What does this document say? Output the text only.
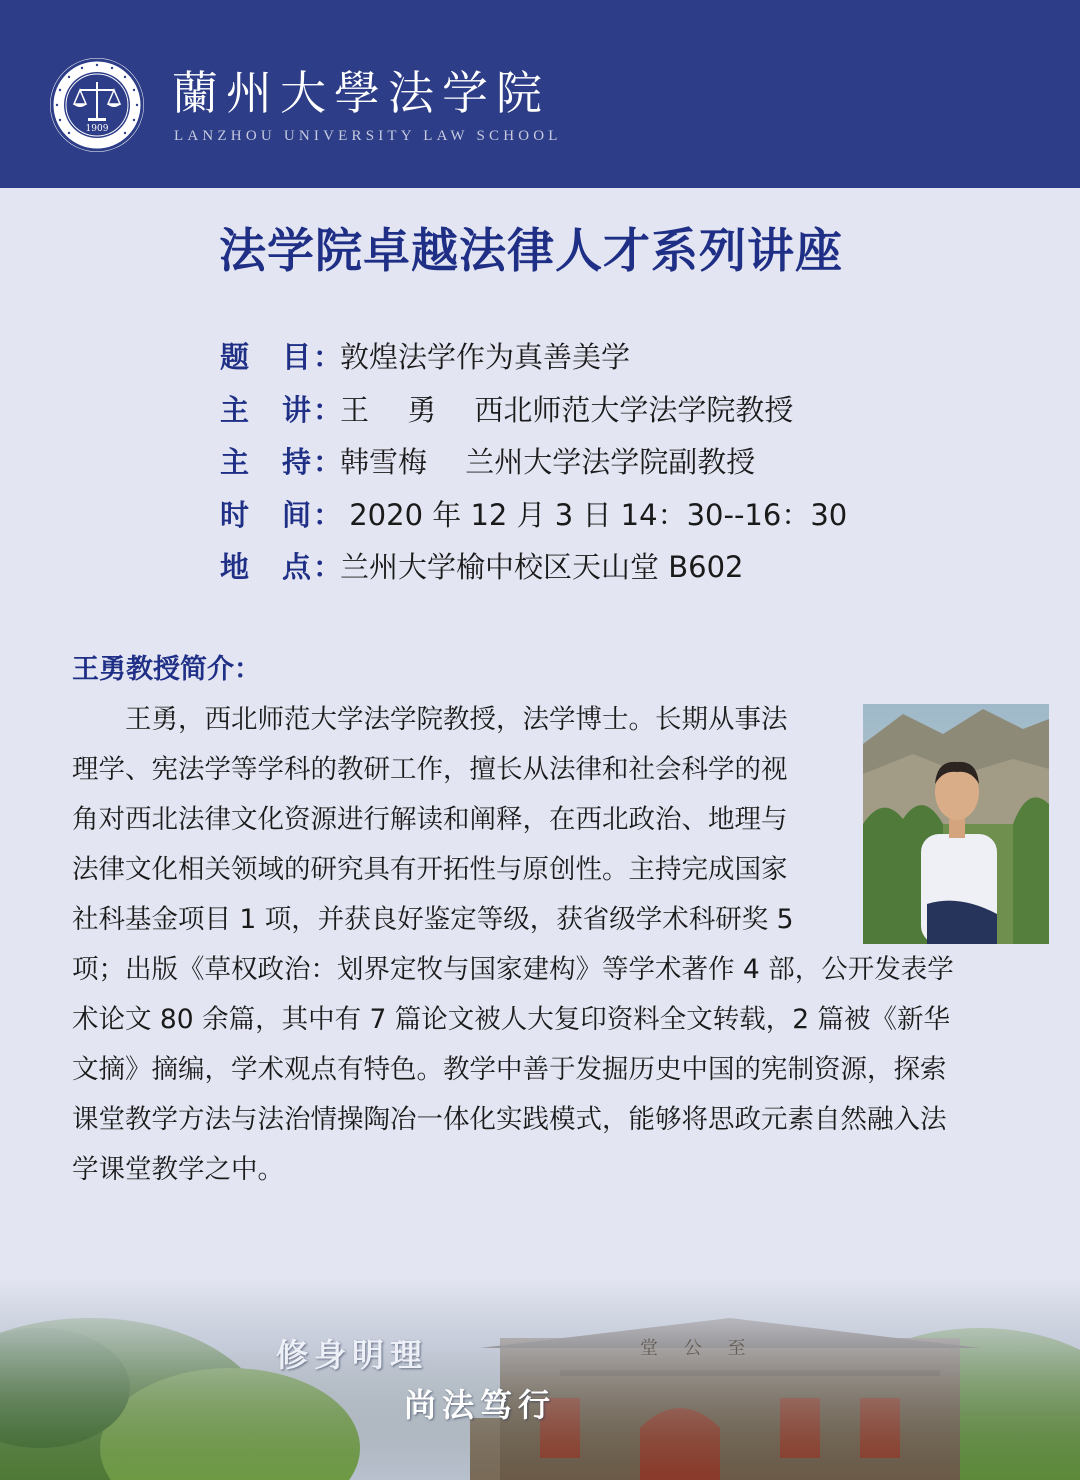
1909
蘭州大學法学院
LANZHOU UNIVERSITY LAW SCHOOL
法学院卓越法律人才系列讲座
题　目：敦煌法学作为真善美学
主　讲：王　 勇　 西北师范大学法学院教授
主　持：韩雪梅　 兰州大学法学院副教授
时　间： 2020 年 12 月 3 日 14：30--16：30
地　点：兰州大学榆中校区天山堂 B602
王勇教授简介：
　　王勇，西北师范大学法学院教授，法学博士。长期从事法
理学、宪法学等学科的教研工作，擅长从法律和社会科学的视
角对西北法律文化资源进行解读和阐释，在西北政治、地理与
法律文化相关领域的研究具有开拓性与原创性。主持完成国家
社科基金项目 1 项，并获良好鉴定等级，获省级学术科研奖 5
项；出版《草权政治：划界定牧与国家建构》等学术著作 4 部，公开发表学
术论文 80 余篇，其中有 7 篇论文被人大复印资料全文转载，2 篇被《新华
文摘》摘编，学术观点有特色。教学中善于发掘历史中国的宪制资源，探索
课堂教学方法与法治情操陶冶一体化实践模式，能够将思政元素自然融入法
学课堂教学之中。
堂 公 至
修身明理
尚法笃行
